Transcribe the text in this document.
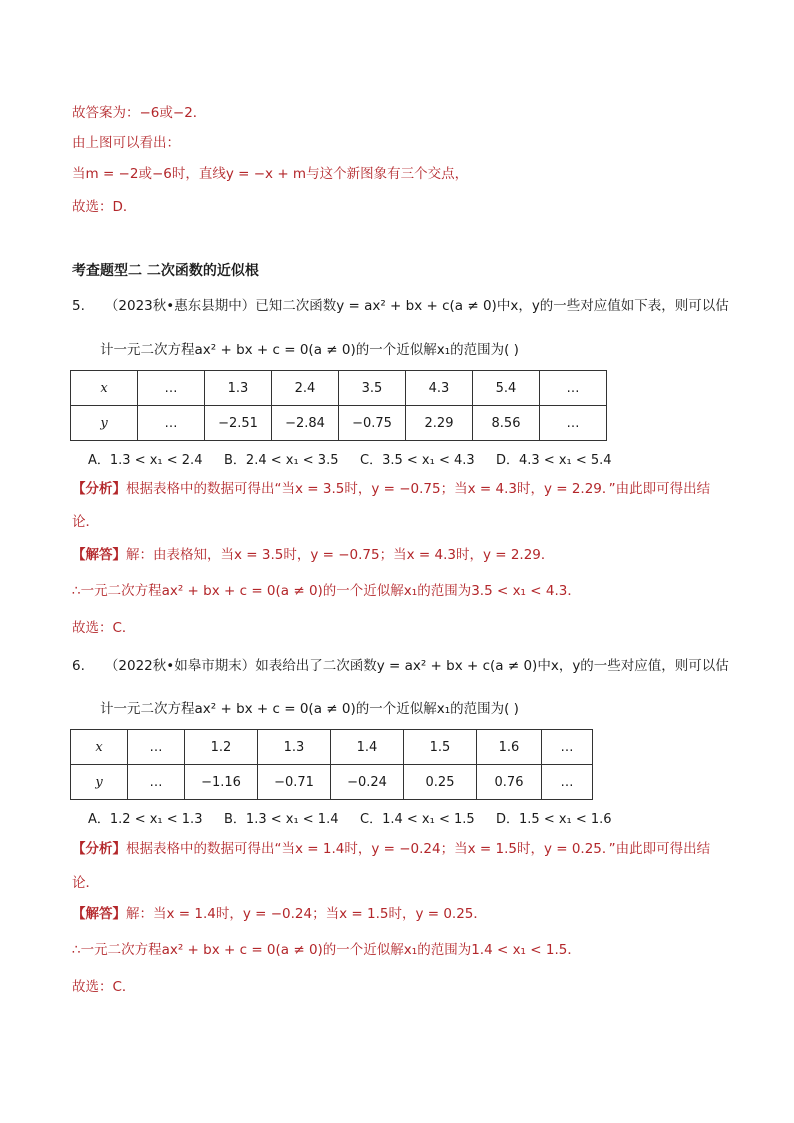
故答案为：−6或−2．
由上图可以看出：
当m = −2或−6时，直线y = −x + m与这个新图象有三个交点，
故选：D．
考查题型二 二次函数的近似根
5. （2023秋•惠东县期中）已知二次函数y = ax² + bx + c(a ≠ 0)中x，y的一些对应值如下表，则可以估
计一元二次方程ax² + bx + c = 0(a ≠ 0)的一个近似解x₁的范围为( )
x	…	1.3	2.4	3.5	4.3	5.4	…
y	…	−2.51	−2.84	−0.75	2.29	8.56	…
A．1.3 < x₁ < 2.4 B．2.4 < x₁ < 3.5 C．3.5 < x₁ < 4.3 D．4.3 < x₁ < 5.4
【分析】根据表格中的数据可得出“当x = 3.5时，y = −0.75；当x = 4.3时，y = 2.29．”由此即可得出结
论．
【解答】解：由表格知，当x = 3.5时，y = −0.75；当x = 4.3时，y = 2.29．
∴一元二次方程ax² + bx + c = 0(a ≠ 0)的一个近似解x₁的范围为3.5 < x₁ < 4.3．
故选：C．
6. （2022秋•如皋市期末）如表给出了二次函数y = ax² + bx + c(a ≠ 0)中x，y的一些对应值，则可以估
计一元二次方程ax² + bx + c = 0(a ≠ 0)的一个近似解x₁的范围为( )
x	…	1.2	1.3	1.4	1.5	1.6	…
y	…	−1.16	−0.71	−0.24	0.25	0.76	…
A．1.2 < x₁ < 1.3 B．1.3 < x₁ < 1.4 C．1.4 < x₁ < 1.5 D．1.5 < x₁ < 1.6
【分析】根据表格中的数据可得出“当x = 1.4时，y = −0.24；当x = 1.5时，y = 0.25．”由此即可得出结
论．
【解答】解：当x = 1.4时，y = −0.24；当x = 1.5时，y = 0.25．
∴一元二次方程ax² + bx + c = 0(a ≠ 0)的一个近似解x₁的范围为1.4 < x₁ < 1.5．
故选：C．
